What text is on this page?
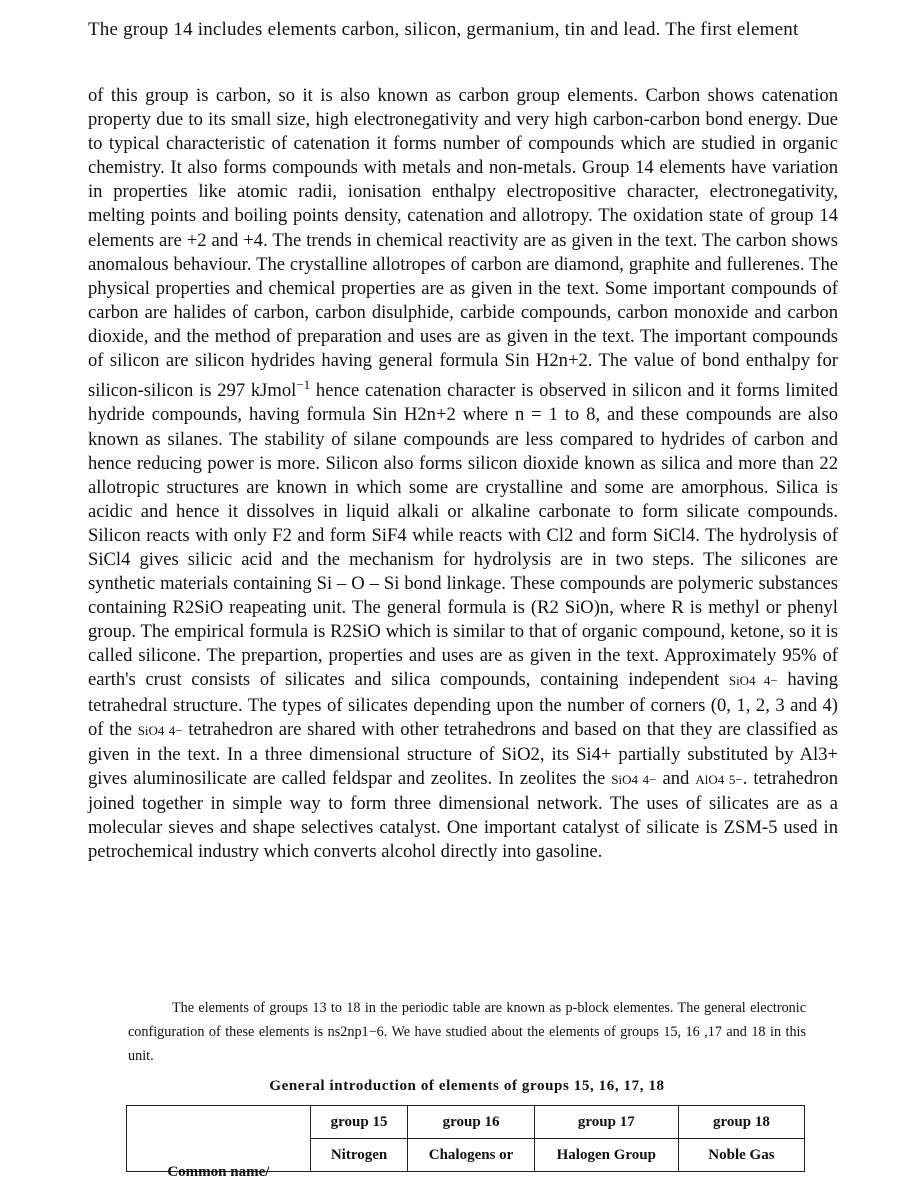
The group 14 includes elements carbon, silicon, germanium, tin and lead. The first element

of this group is carbon, so it is also known as carbon group elements. Carbon shows catenation property due to its small size, high electronegativity and very high carbon-carbon bond energy. Due to typical characteristic of catenation it forms number of compounds which are studied in organic chemistry. It also forms compounds with metals and non-metals. Group 14 elements have variation in properties like atomic radii, ionisation enthalpy electropositive character, electronegativity, melting points and boiling points density, catenation and allotropy. The oxidation state of group 14 elements are +2 and +4. The trends in chemical reactivity are as given in the text. The carbon shows anomalous behaviour. The crystalline allotropes of carbon are diamond, graphite and fullerenes. The physical properties and chemical properties are as given in the text. Some important compounds of carbon are halides of carbon, carbon disulphide, carbide compounds, carbon monoxide and carbon dioxide, and the method of preparation and uses are as given in the text. The important compounds of silicon are silicon hydrides having general formula Sin H2n+2. The value of bond enthalpy for silicon-silicon is 297 kJmol$^{-1}$ hence catenation character is observed in silicon and it forms limited hydride compounds, having formula Sin H2n+2 where n = 1 to 8, and these compounds are also known as silanes. The stability of silane compounds are less compared to hydrides of carbon and hence reducing power is more. Silicon also forms silicon dioxide known as silica and more than 22 allotropic structures are known in which some are crystalline and some are amorphous. Silica is acidic and hence it dissolves in liquid alkali or alkaline carbonate to form silicate compounds. Silicon reacts with only F2 and form SiF4 while reacts with Cl2 and form SiCl4. The hydrolysis of SiCl4 gives silicic acid and the mechanism for hydrolysis are in two steps. The silicones are synthetic materials containing Si – O – Si bond linkage. These compounds are polymeric substances containing R2SiO reapeating unit. The general formula is (R2 SiO)n, where R is methyl or phenyl group. The empirical formula is R2SiO which is similar to that of organic compound, ketone, so it is called silicone. The prepartion, properties and uses are as given in the text. Approximately 95% of earth's crust consists of silicates and silica compounds, containing independent SiO4 4− having tetrahedral structure. The types of silicates depending upon the number of corners (0, 1, 2, 3 and 4) of the SiO4 4− tetrahedron are shared with other tetrahedrons and based on that they are classified as given in the text. In a three dimensional structure of SiO2, its Si4+ partially substituted by Al3+ gives aluminosilicate are called feldspar and zeolites. In zeolites the SiO4 4− and AlO4 5−. tetrahedron joined together in simple way to form three dimensional network. The uses of silicates are as a molecular sieves and shape selectives catalyst. One important catalyst of silicate is ZSM-5 used in petrochemical industry which converts alcohol directly into gasoline.

The elements of groups 13 to 18 in the periodic table are known as p-block elementes. The general electronic configuration of these elements is ns2np1−6. We have studied about the elements of groups 15, 16 ,17 and 18 in this unit.

General introduction of elements of groups 15, 16, 17, 18
Common name/	group 15	group 16	group 17	group 18
	Nitrogen	Chalogens or	Halogen Group	Noble Gas
